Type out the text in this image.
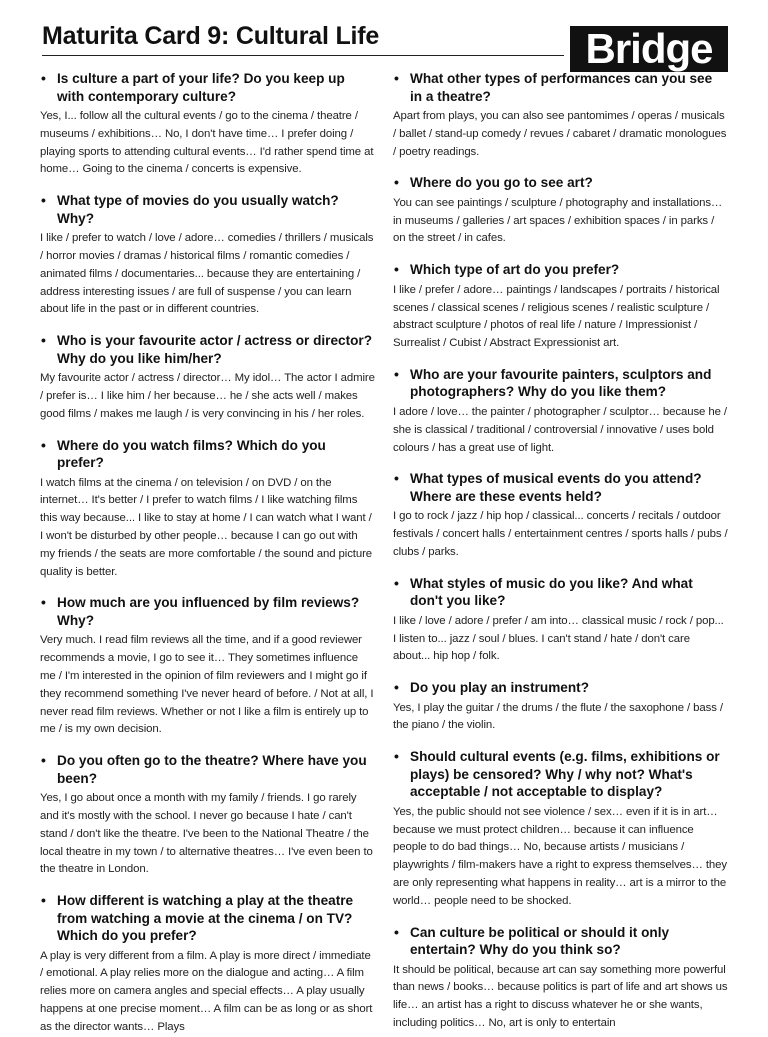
Maturita Card 9: Cultural Life	Bridge

• Is culture a part of your life? Do you keep up with contemporary culture?

Yes, I... follow all the cultural events / go to the cinema / theatre / museums / exhibitions… No, I don't have time… I prefer doing / playing sports to attending cultural events… I'd rather spend time at home… Going to the cinema / concerts is expensive.

• What type of movies do you usually watch? Why?

I like / prefer to watch / love / adore… comedies / thrillers / musicals / horror movies / dramas / historical films / romantic comedies / animated films / documentaries... because they are entertaining / address interesting issues / are full of suspense / you can learn about life in the past or in different countries.

• Who is your favourite actor / actress or director? Why do you like him/her?

My favourite actor / actress / director… My idol… The actor I admire / prefer is… I like him / her because… he / she acts well / makes good films / makes me laugh / is very convincing in his / her roles.

• Where do you watch films? Which do you prefer?

I watch films at the cinema / on television / on DVD / on the internet… It's better / I prefer to watch films / I like watching films this way because... I like to stay at home / I can watch what I want / I won't be disturbed by other people… because I can go out with my friends / the seats are more comfortable / the sound and picture quality is better.

• How much are you influenced by film reviews? Why?

Very much. I read film reviews all the time, and if a good reviewer recommends a movie, I go to see it… They sometimes influence me / I'm interested in the opinion of film reviewers and I might go if they recommend something I've never heard of before. / Not at all, I never read film reviews. Whether or not I like a film is entirely up to me / is my own decision.

• Do you often go to the theatre? Where have you been?

Yes, I go about once a month with my family / friends. I go rarely and it's mostly with the school. I never go because I hate / can't stand / don't like the theatre. I've been to the National Theatre / the local theatre in my town / to alternative theatres… I've even been to the theatre in London.

• How different is watching a play at the theatre from watching a movie at the cinema / on TV? Which do you prefer?

A play is very different from a film. A play is more direct / immediate / emotional. A play relies more on the dialogue and acting… A film relies more on camera angles and special effects… A play usually happens at one precise moment… A film can be as long or as short as the director wants… Plays

• What other types of performances can you see in a theatre?

Apart from plays, you can also see pantomimes / operas / musicals / ballet / stand-up comedy / revues / cabaret / dramatic monologues / poetry readings.

• Where do you go to see art?

You can see paintings / sculpture / photography and installations… in museums / galleries / art spaces / exhibition spaces / in parks / on the street / in cafes.

• Which type of art do you prefer?

I like / prefer / adore… paintings / landscapes / portraits / historical scenes / classical scenes / religious scenes / realistic sculpture / abstract sculpture / photos of real life / nature / Impressionist / Surrealist / Cubist / Abstract Expressionist art.

• Who are your favourite painters, sculptors and photographers? Why do you like them?

I adore / love… the painter / photographer / sculptor… because he / she is classical / traditional / controversial / innovative / uses bold colours / has a great use of light.

• What types of musical events do you attend? Where are these events held?

I go to rock / jazz / hip hop / classical... concerts / recitals / outdoor festivals / concert halls / entertainment centres / sports halls / pubs / clubs / parks.

• What styles of music do you like? And what don't you like?

I like / love / adore / prefer / am into… classical music / rock / pop... I listen to... jazz / soul / blues. I can't stand / hate / don't care about... hip hop / folk.

• Do you play an instrument?

Yes, I play the guitar / the drums / the flute / the saxophone / bass / the piano / the violin.

• Should cultural events (e.g. films, exhibitions or plays) be censored? Why / why not? What's acceptable / not acceptable to display?

Yes, the public should not see violence / sex… even if it is in art… because we must protect children… because it can influence people to do bad things… No, because artists / musicians / playwrights / film-makers have a right to express themselves… they are only representing what happens in reality… art is a mirror to the world… people need to be shocked.

• Can culture be political or should it only entertain? Why do you think so?

It should be political, because art can say something more powerful than news / books… because politics is part of life and art shows us life… an artist has a right to discuss whatever he or she wants, including politics… No, art is only to entertain
